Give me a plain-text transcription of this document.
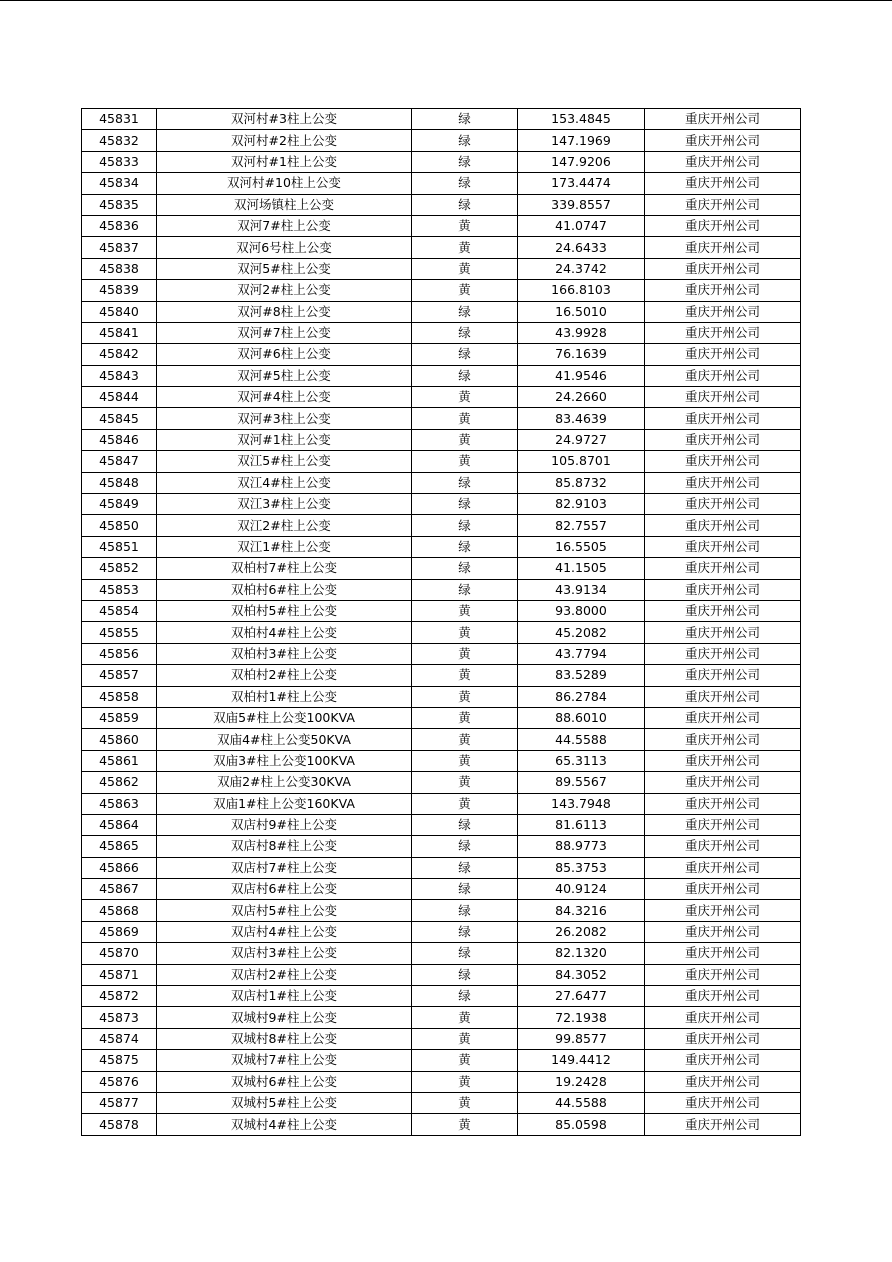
45831	双河村#3柱上公变	绿	153.4845	重庆开州公司
45832	双河村#2柱上公变	绿	147.1969	重庆开州公司
45833	双河村#1柱上公变	绿	147.9206	重庆开州公司
45834	双河村#10柱上公变	绿	173.4474	重庆开州公司
45835	双河场镇柱上公变	绿	339.8557	重庆开州公司
45836	双河7#柱上公变	黄	41.0747	重庆开州公司
45837	双河6号柱上公变	黄	24.6433	重庆开州公司
45838	双河5#柱上公变	黄	24.3742	重庆开州公司
45839	双河2#柱上公变	黄	166.8103	重庆开州公司
45840	双河#8柱上公变	绿	16.5010	重庆开州公司
45841	双河#7柱上公变	绿	43.9928	重庆开州公司
45842	双河#6柱上公变	绿	76.1639	重庆开州公司
45843	双河#5柱上公变	绿	41.9546	重庆开州公司
45844	双河#4柱上公变	黄	24.2660	重庆开州公司
45845	双河#3柱上公变	黄	83.4639	重庆开州公司
45846	双河#1柱上公变	黄	24.9727	重庆开州公司
45847	双江5#柱上公变	黄	105.8701	重庆开州公司
45848	双江4#柱上公变	绿	85.8732	重庆开州公司
45849	双江3#柱上公变	绿	82.9103	重庆开州公司
45850	双江2#柱上公变	绿	82.7557	重庆开州公司
45851	双江1#柱上公变	绿	16.5505	重庆开州公司
45852	双柏村7#柱上公变	绿	41.1505	重庆开州公司
45853	双柏村6#柱上公变	绿	43.9134	重庆开州公司
45854	双柏村5#柱上公变	黄	93.8000	重庆开州公司
45855	双柏村4#柱上公变	黄	45.2082	重庆开州公司
45856	双柏村3#柱上公变	黄	43.7794	重庆开州公司
45857	双柏村2#柱上公变	黄	83.5289	重庆开州公司
45858	双柏村1#柱上公变	黄	86.2784	重庆开州公司
45859	双庙5#柱上公变100KVA	黄	88.6010	重庆开州公司
45860	双庙4#柱上公变50KVA	黄	44.5588	重庆开州公司
45861	双庙3#柱上公变100KVA	黄	65.3113	重庆开州公司
45862	双庙2#柱上公变30KVA	黄	89.5567	重庆开州公司
45863	双庙1#柱上公变160KVA	黄	143.7948	重庆开州公司
45864	双店村9#柱上公变	绿	81.6113	重庆开州公司
45865	双店村8#柱上公变	绿	88.9773	重庆开州公司
45866	双店村7#柱上公变	绿	85.3753	重庆开州公司
45867	双店村6#柱上公变	绿	40.9124	重庆开州公司
45868	双店村5#柱上公变	绿	84.3216	重庆开州公司
45869	双店村4#柱上公变	绿	26.2082	重庆开州公司
45870	双店村3#柱上公变	绿	82.1320	重庆开州公司
45871	双店村2#柱上公变	绿	84.3052	重庆开州公司
45872	双店村1#柱上公变	绿	27.6477	重庆开州公司
45873	双城村9#柱上公变	黄	72.1938	重庆开州公司
45874	双城村8#柱上公变	黄	99.8577	重庆开州公司
45875	双城村7#柱上公变	黄	149.4412	重庆开州公司
45876	双城村6#柱上公变	黄	19.2428	重庆开州公司
45877	双城村5#柱上公变	黄	44.5588	重庆开州公司
45878	双城村4#柱上公变	黄	85.0598	重庆开州公司
